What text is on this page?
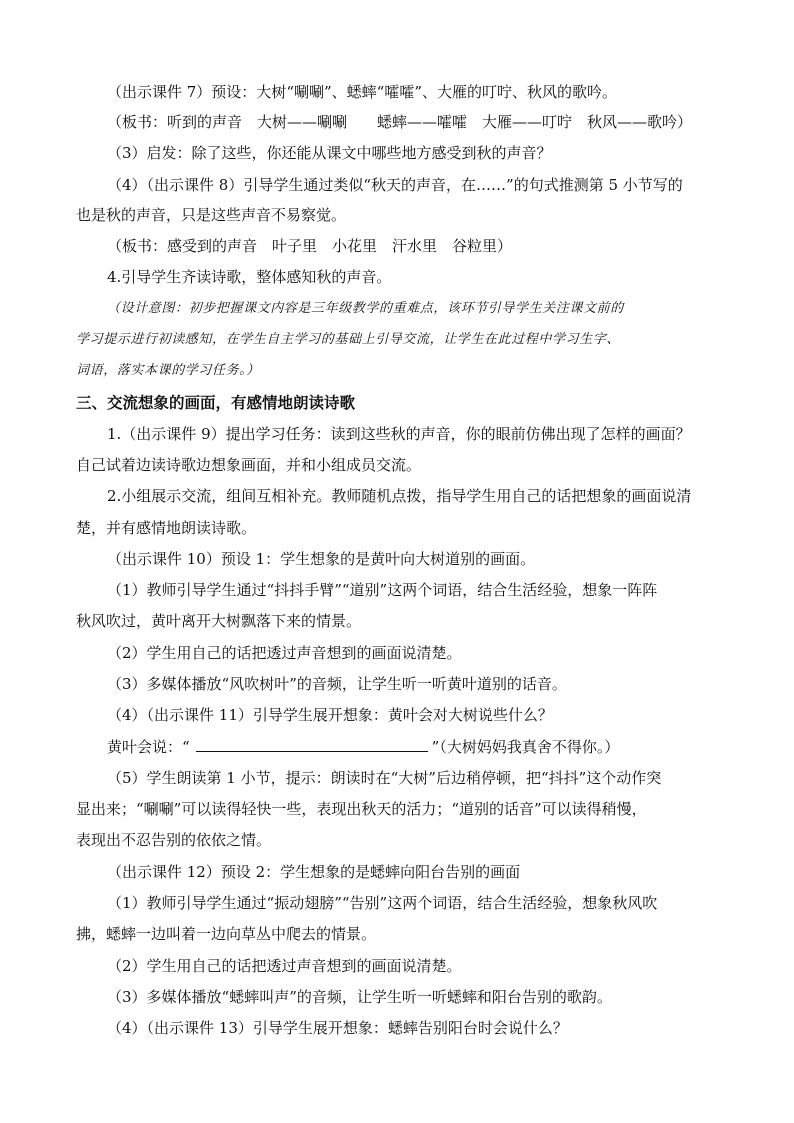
（出示课件 7）预设：大树“唰唰”、蟋蟀“嚯嚯”、大雁的叮咛、秋风的歌吟。
（板书：听到的声音　大树——唰唰　　蟋蟀——嚯嚯　大雁——叮咛　秋风——歌吟）
（3）启发：除了这些，你还能从课文中哪些地方感受到秋的声音？
（4）（出示课件 8）引导学生通过类似“秋天的声音，在……”的句式推测第 5 小节写的
也是秋的声音，只是这些声音不易察觉。
（板书：感受到的声音　叶子里　小花里　汗水里　谷粒里）
4.引导学生齐读诗歌，整体感知秋的声音。
（设计意图：初步把握课文内容是三年级教学的重难点，该环节引导学生关注课文前的
学习提示进行初读感知，在学生自主学习的基础上引导交流，让学生在此过程中学习生字、
词语，落实本课的学习任务。）
三、交流想象的画面，有感情地朗读诗歌
1.（出示课件 9）提出学习任务：读到这些秋的声音，你的眼前仿佛出现了怎样的画面？
自己试着边读诗歌边想象画面，并和小组成员交流。
2.小组展示交流，组间互相补充。教师随机点拨，指导学生用自己的话把想象的画面说清
楚，并有感情地朗读诗歌。
（出示课件 10）预设 1：学生想象的是黄叶向大树道别的画面。
（1）教师引导学生通过“抖抖手臂”“道别”这两个词语，结合生活经验，想象一阵阵
秋风吹过，黄叶离开大树飘落下来的情景。
（2）学生用自己的话把透过声音想到的画面说清楚。
（3）多媒体播放“风吹树叶”的音频，让学生听一听黄叶道别的话音。
（4）（出示课件 11）引导学生展开想象：黄叶会对大树说些什么？
黄叶会说：“	”（大树妈妈我真舍不得你。）
（5）学生朗读第 1 小节，提示：朗读时在“大树”后边稍停顿，把“抖抖”这个动作突
显出来；“唰唰”可以读得轻快一些，表现出秋天的活力；“道别的话音”可以读得稍慢，
表现出不忍告别的依依之情。
（出示课件 12）预设 2：学生想象的是蟋蟀向阳台告别的画面
（1）教师引导学生通过“振动翅膀”“告别”这两个词语，结合生活经验，想象秋风吹
拂，蟋蟀一边叫着一边向草丛中爬去的情景。
（2）学生用自己的话把透过声音想到的画面说清楚。
（3）多媒体播放“蟋蟀叫声”的音频，让学生听一听蟋蟀和阳台告别的歌韵。
（4）（出示课件 13）引导学生展开想象：蟋蟀告别阳台时会说什么？
